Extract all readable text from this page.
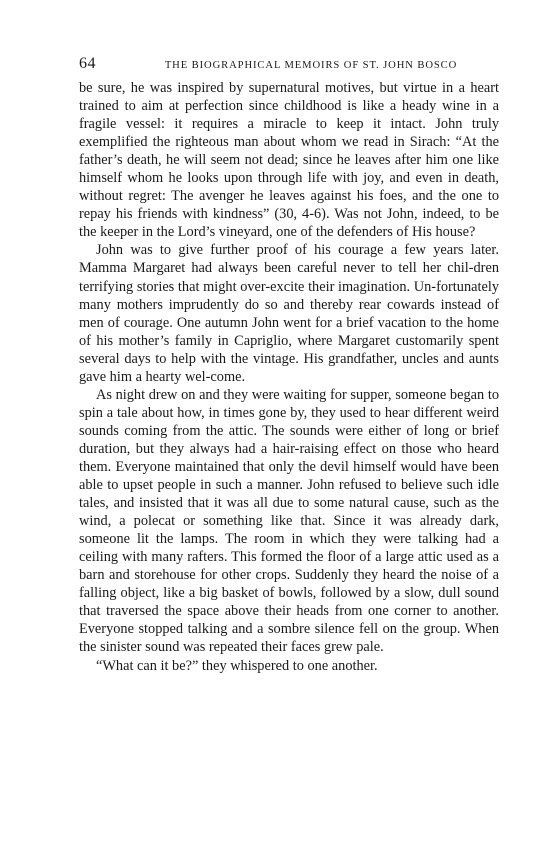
64	THE BIOGRAPHICAL MEMOIRS OF ST. JOHN BOSCO

be sure, he was inspired by supernatural motives, but virtue in a heart trained to aim at perfection since childhood is like a heady wine in a fragile vessel: it requires a miracle to keep it intact. John truly exemplified the righteous man about whom we read in Sirach: “At the father’s death, he will seem not dead; since he leaves after him one like himself whom he looks upon through life with joy, and even in death, without regret: The avenger he leaves against his foes, and the one to repay his friends with kindness” (30, 4-6). Was not John, indeed, to be the keeper in the Lord’s vineyard, one of the defenders of His house?

John was to give further proof of his courage a few years later. Mamma Margaret had always been careful never to tell her chil-dren terrifying stories that might over-excite their imagination. Un-fortunately many mothers imprudently do so and thereby rear cowards instead of men of courage. One autumn John went for a brief vacation to the home of his mother’s family in Capriglio, where Margaret customarily spent several days to help with the vintage. His grandfather, uncles and aunts gave him a hearty wel-come.

As night drew on and they were waiting for supper, someone began to spin a tale about how, in times gone by, they used to hear different weird sounds coming from the attic. The sounds were either of long or brief duration, but they always had a hair-raising effect on those who heard them. Everyone maintained that only the devil himself would have been able to upset people in such a manner. John refused to believe such idle tales, and insisted that it was all due to some natural cause, such as the wind, a polecat or something like that. Since it was already dark, someone lit the lamps. The room in which they were talking had a ceiling with many rafters. This formed the floor of a large attic used as a barn and storehouse for other crops. Suddenly they heard the noise of a falling object, like a big basket of bowls, followed by a slow, dull sound that traversed the space above their heads from one corner to another. Everyone stopped talking and a sombre silence fell on the group. When the sinister sound was repeated their faces grew pale.

“What can it be?” they whispered to one another.
